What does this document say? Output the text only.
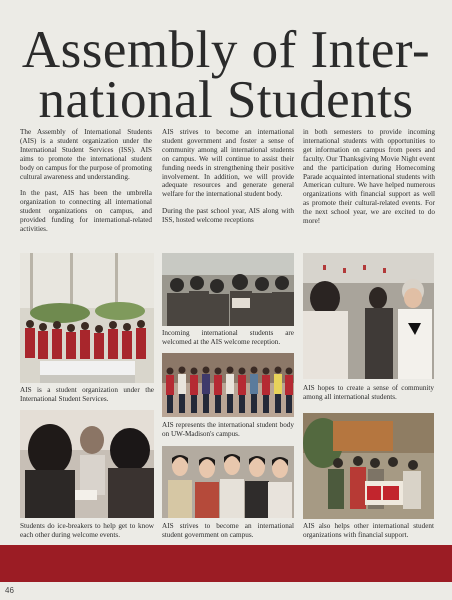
Assembly of Inter-
national Students

The Assembly of International Students (AIS) is a student organization under the International Student Services (ISS). AIS aims to promote the international student body on campus for the purpose of promoting cultural awareness and understanding.

In the past, AIS has been the umbrella organization to connecting all international student organizations on campus, and provided funding for international-related activities.

AIS strives to become an international student government and foster a sense of community among all international students on campus. We will continue to assist their funding needs in strengthening their positive involvement. In addition, we will provide adequate resources and generate general welfare for the international student body.

During the past school year, AIS along with ISS, hosted welcome receptions

in both semesters to provide incoming international students with opportunities to get information on campus from peers and faculty. Our Thanksgiving Movie Night event and the participation during Homecoming Parade acquainted international students with American culture. We have helped numerous organizations with financial support as well as promote their cultural-related events. For the next school year, we are excited to do more!

AIS is a student organization under the International Student Services.

Students do ice-breakers to help get to know each other during welcome events.

Incoming international students are welcomed at the AIS welcome reception.

AIS represents the international student body on UW-Madison's campus.

AIS strives to become an international student government on campus.

AIS hopes to create a sense of community among all international students.

AIS also helps other international student organizations with financial support.

46
